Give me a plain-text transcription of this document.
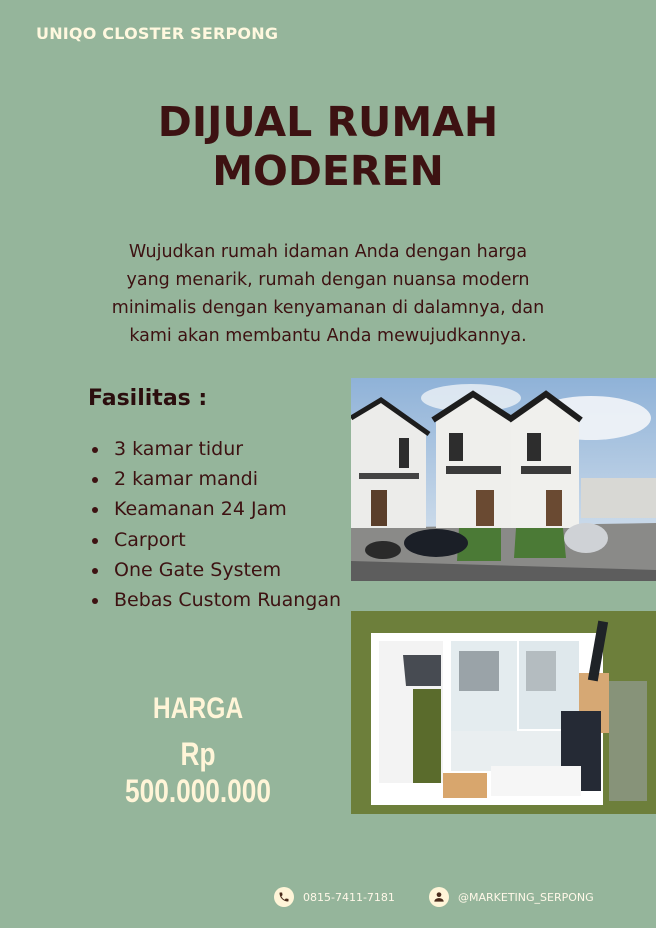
UNIQO CLOSTER SERPONG
DIJUAL RUMAH
MODEREN
Wujudkan rumah idaman Anda dengan harga
yang menarik, rumah dengan nuansa modern
minimalis dengan kenyamanan di dalamnya, dan
kami akan membantu Anda mewujudkannya.
Fasilitas :
3 kamar tidur
2 kamar mandi
Keamanan 24 Jam
Carport
One Gate System
Bebas Custom Ruangan
HARGA
Rp 500.000.000
0815-7411-7181	@MARKETING_SERPONG
